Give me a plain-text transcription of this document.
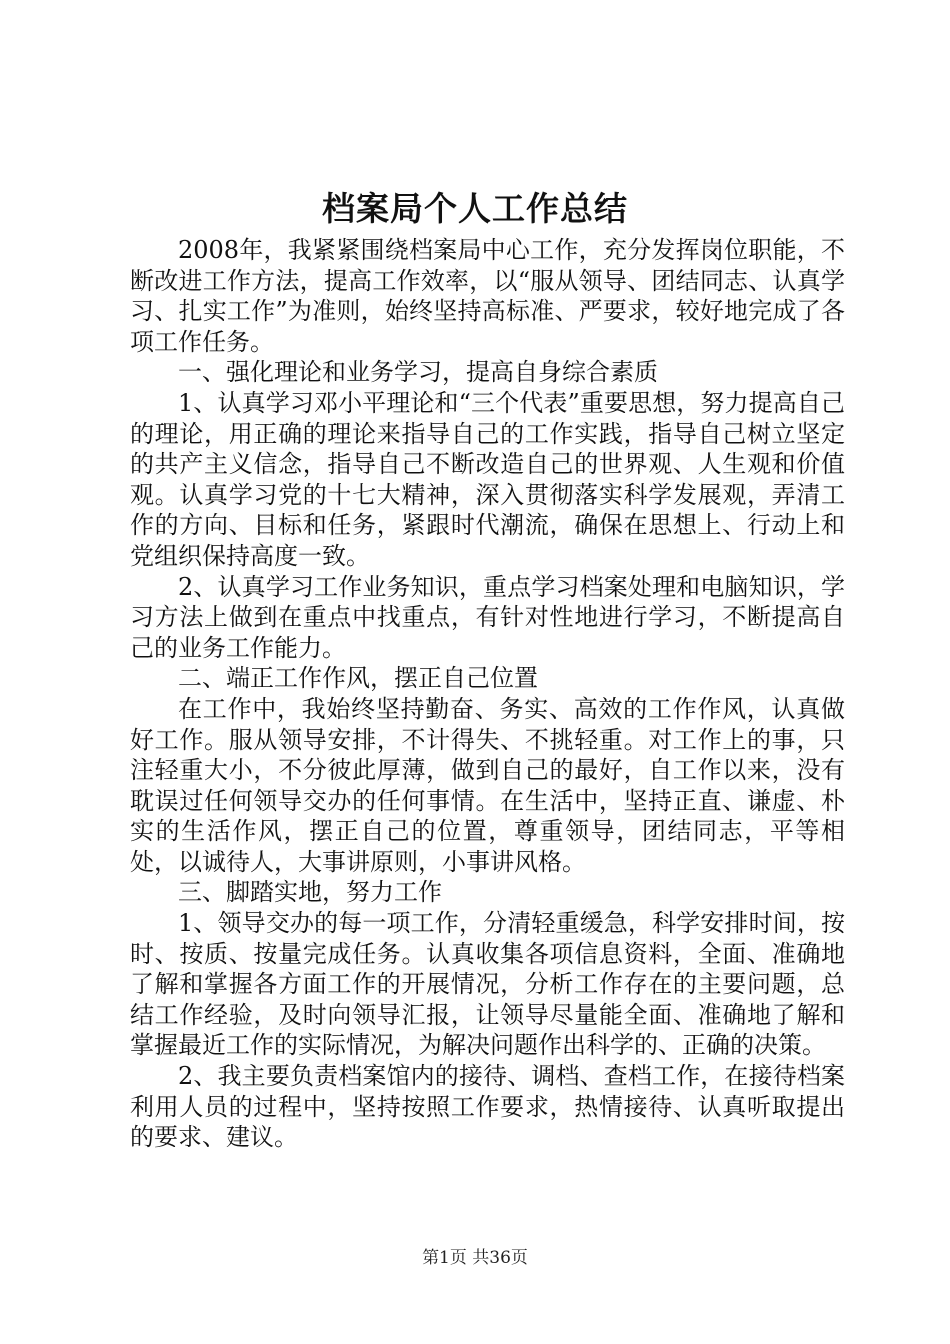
档案局个人工作总结

2008年，我紧紧围绕档案局中心工作，充分发挥岗位职能，不断改进工作方法，提高工作效率，以“服从领导、团结同志、认真学习、扎实工作”为准则，始终坚持高标准、严要求，较好地完成了各项工作任务。

一、强化理论和业务学习，提高自身综合素质

1、认真学习邓小平理论和“三个代表”重要思想，努力提高自己的理论，用正确的理论来指导自己的工作实践，指导自己树立坚定的共产主义信念，指导自己不断改造自己的世界观、人生观和价值观。认真学习党的十七大精神，深入贯彻落实科学发展观，弄清工作的方向、目标和任务，紧跟时代潮流，确保在思想上、行动上和党组织保持高度一致。

2、认真学习工作业务知识，重点学习档案处理和电脑知识，学习方法上做到在重点中找重点，有针对性地进行学习，不断提高自己的业务工作能力。

二、端正工作作风，摆正自己位置

在工作中，我始终坚持勤奋、务实、高效的工作作风，认真做好工作。服从领导安排，不计得失、不挑轻重。对工作上的事，只注轻重大小，不分彼此厚薄，做到自己的最好，自工作以来，没有耽误过任何领导交办的任何事情。在生活中，坚持正直、谦虚、朴实的生活作风，摆正自己的位置，尊重领导，团结同志，平等相处，以诚待人，大事讲原则，小事讲风格。

三、脚踏实地，努力工作

1、领导交办的每一项工作，分清轻重缓急，科学安排时间，按时、按质、按量完成任务。认真收集各项信息资料，全面、准确地了解和掌握各方面工作的开展情况，分析工作存在的主要问题，总结工作经验，及时向领导汇报，让领导尽量能全面、准确地了解和掌握最近工作的实际情况，为解决问题作出科学的、正确的决策。

2、我主要负责档案馆内的接待、调档、查档工作，在接待档案利用人员的过程中，坚持按照工作要求，热情接待、认真听取提出的要求、建议。

第1页 共36页
